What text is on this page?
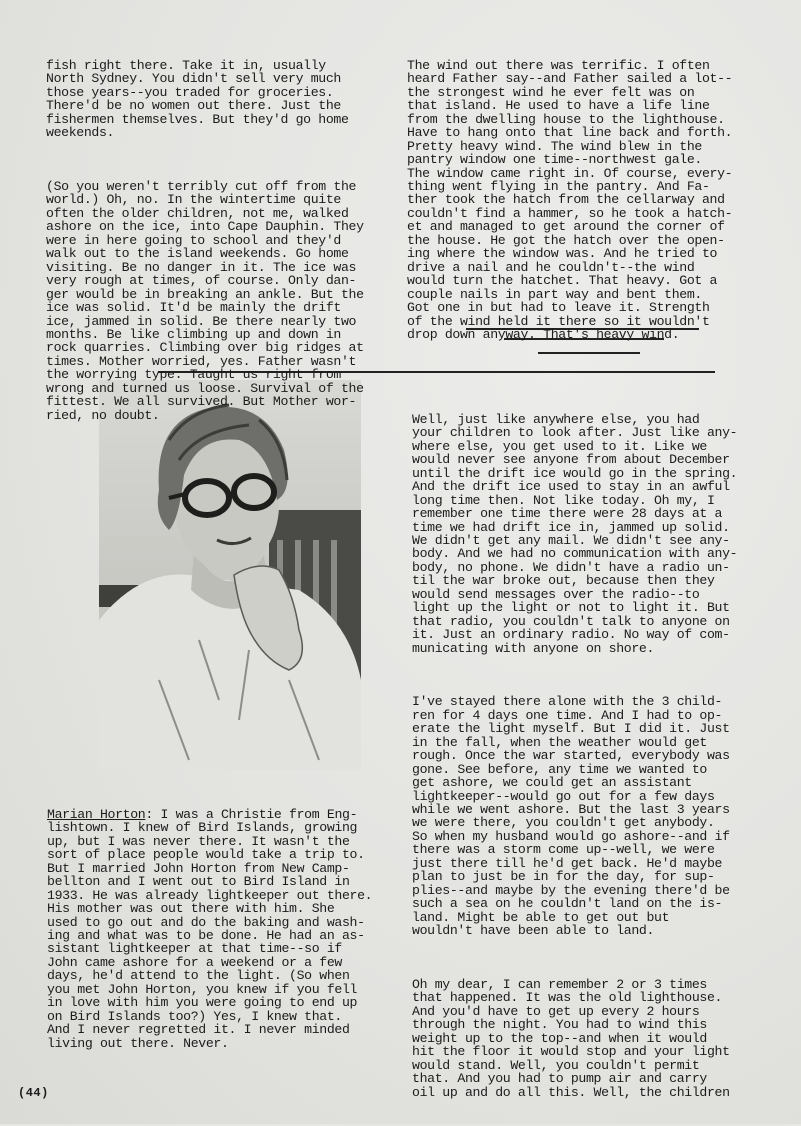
fish right there. Take it in, usually
North Sydney. You didn't sell very much
those years--you traded for groceries.
There'd be no women out there. Just the
fishermen themselves. But they'd go home
weekends.

(So you weren't terribly cut off from the
world.) Oh, no. In the wintertime quite
often the older children, not me, walked
ashore on the ice, into Cape Dauphin. They
were in here going to school and they'd
walk out to the island weekends. Go home
visiting. Be no danger in it. The ice was
very rough at times, of course. Only dan-
ger would be in breaking an ankle. But the
ice was solid. It'd be mainly the drift
ice, jammed in solid. Be there nearly two
months. Be like climbing up and down in
rock quarries. Climbing over big ridges at
times. Mother worried, yes. Father wasn't
the worrying type. Taught us right from
wrong and turned us loose. Survival of the
fittest. We all survived. But Mother wor-
ried, no doubt.

The wind out there was terrific. I often
heard Father say--and Father sailed a lot--
the strongest wind he ever felt was on
that island. He used to have a life line
from the dwelling house to the lighthouse.
Have to hang onto that line back and forth.
Pretty heavy wind. The wind blew in the
pantry window one time--northwest gale.
The window came right in. Of course, every-
thing went flying in the pantry. And Fa-
ther took the hatch from the cellarway and
couldn't find a hammer, so he took a hatch-
et and managed to get around the corner of
the house. He got the hatch over the open-
ing where the window was. And he tried to
drive a nail and he couldn't--the wind
would turn the hatchet. That heavy. Got a
couple nails in part way and bent them.
Got one in but had to leave it. Strength
of the wind held it there so it wouldn't
drop down anyway. That's heavy wind.

Marian Horton: I was a Christie from Eng-
lishtown. I knew of Bird Islands, growing
up, but I was never there. It wasn't the
sort of place people would take a trip to.
But I married John Horton from New Camp-
bellton and I went out to Bird Island in
1933. He was already lightkeeper out there.
His mother was out there with him. She
used to go out and do the baking and wash-
ing and what was to be done. He had an as-
sistant lightkeeper at that time--so if
John came ashore for a weekend or a few
days, he'd attend to the light. (So when
you met John Horton, you knew if you fell
in love with him you were going to end up
on Bird Islands too?) Yes, I knew that.
And I never regretted it. I never minded
living out there. Never.

Well, just like anywhere else, you had
your children to look after. Just like any-
where else, you get used to it. Like we
would never see anyone from about December
until the drift ice would go in the spring.
And the drift ice used to stay in an awful
long time then. Not like today. Oh my, I
remember one time there were 28 days at a
time we had drift ice in, jammed up solid.
We didn't get any mail. We didn't see any-
body. And we had no communication with any-
body, no phone. We didn't have a radio un-
til the war broke out, because then they
would send messages over the radio--to
light up the light or not to light it. But
that radio, you couldn't talk to anyone on
it. Just an ordinary radio. No way of com-
municating with anyone on shore.

I've stayed there alone with the 3 child-
ren for 4 days one time. And I had to op-
erate the light myself. But I did it. Just
in the fall, when the weather would get
rough. Once the war started, everybody was
gone. See before, any time we wanted to
get ashore, we could get an assistant
lightkeeper--would go out for a few days
while we went ashore. But the last 3 years
we were there, you couldn't get anybody.
So when my husband would go ashore--and if
there was a storm come up--well, we were
just there till he'd get back. He'd maybe
plan to just be in for the day, for sup-
plies--and maybe by the evening there'd be
such a sea on he couldn't land on the is-
land. Might be able to get out but
wouldn't have been able to land.

Oh my dear, I can remember 2 or 3 times
that happened. It was the old lighthouse.
And you'd have to get up every 2 hours
through the night. You had to wind this
weight up to the top--and when it would
hit the floor it would stop and your light
would stand. Well, you couldn't permit
that. And you had to pump air and carry
oil up and do all this. Well, the children

(44)
